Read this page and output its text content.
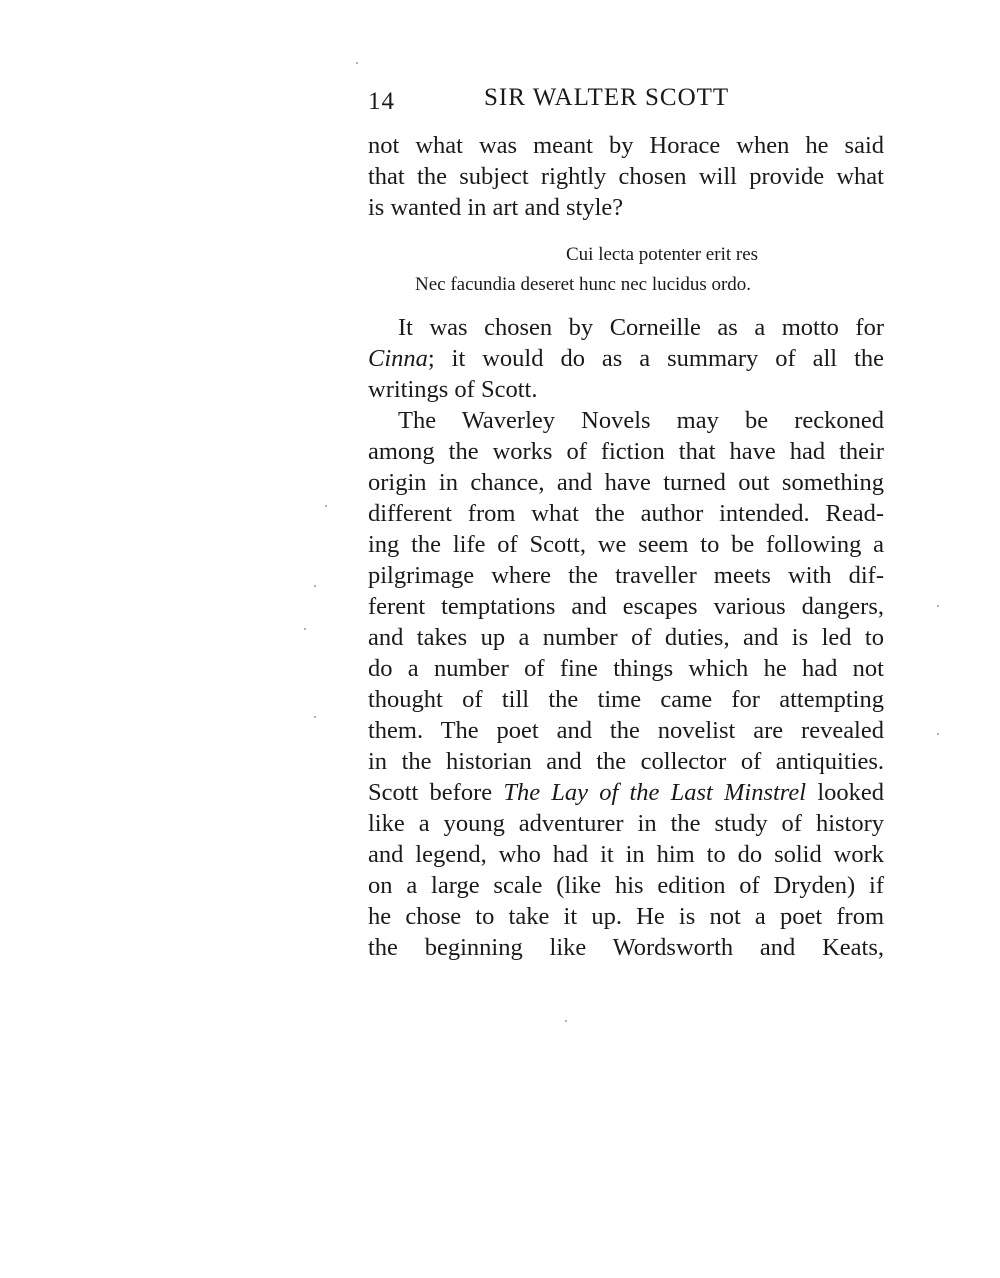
14	SIR WALTER SCOTT
not what was meant by Horace when he said
that the subject rightly chosen will provide what
is wanted in art and style?
Cui lecta potenter erit res
Nec facundia deseret hunc nec lucidus ordo.
It was chosen by Corneille as a motto for
Cinna; it would do as a summary of all the
writings of Scott.
The Waverley Novels may be reckoned
among the works of fiction that have had their
origin in chance, and have turned out something
different from what the author intended. Read-
ing the life of Scott, we seem to be following a
pilgrimage where the traveller meets with dif-
ferent temptations and escapes various dangers,
and takes up a number of duties, and is led to
do a number of fine things which he had not
thought of till the time came for attempting
them. The poet and the novelist are revealed
in the historian and the collector of antiquities.
Scott before The Lay of the Last Minstrel looked
like a young adventurer in the study of history
and legend, who had it in him to do solid work
on a large scale (like his edition of Dryden) if
he chose to take it up. He is not a poet from
the beginning like Wordsworth and Keats,
